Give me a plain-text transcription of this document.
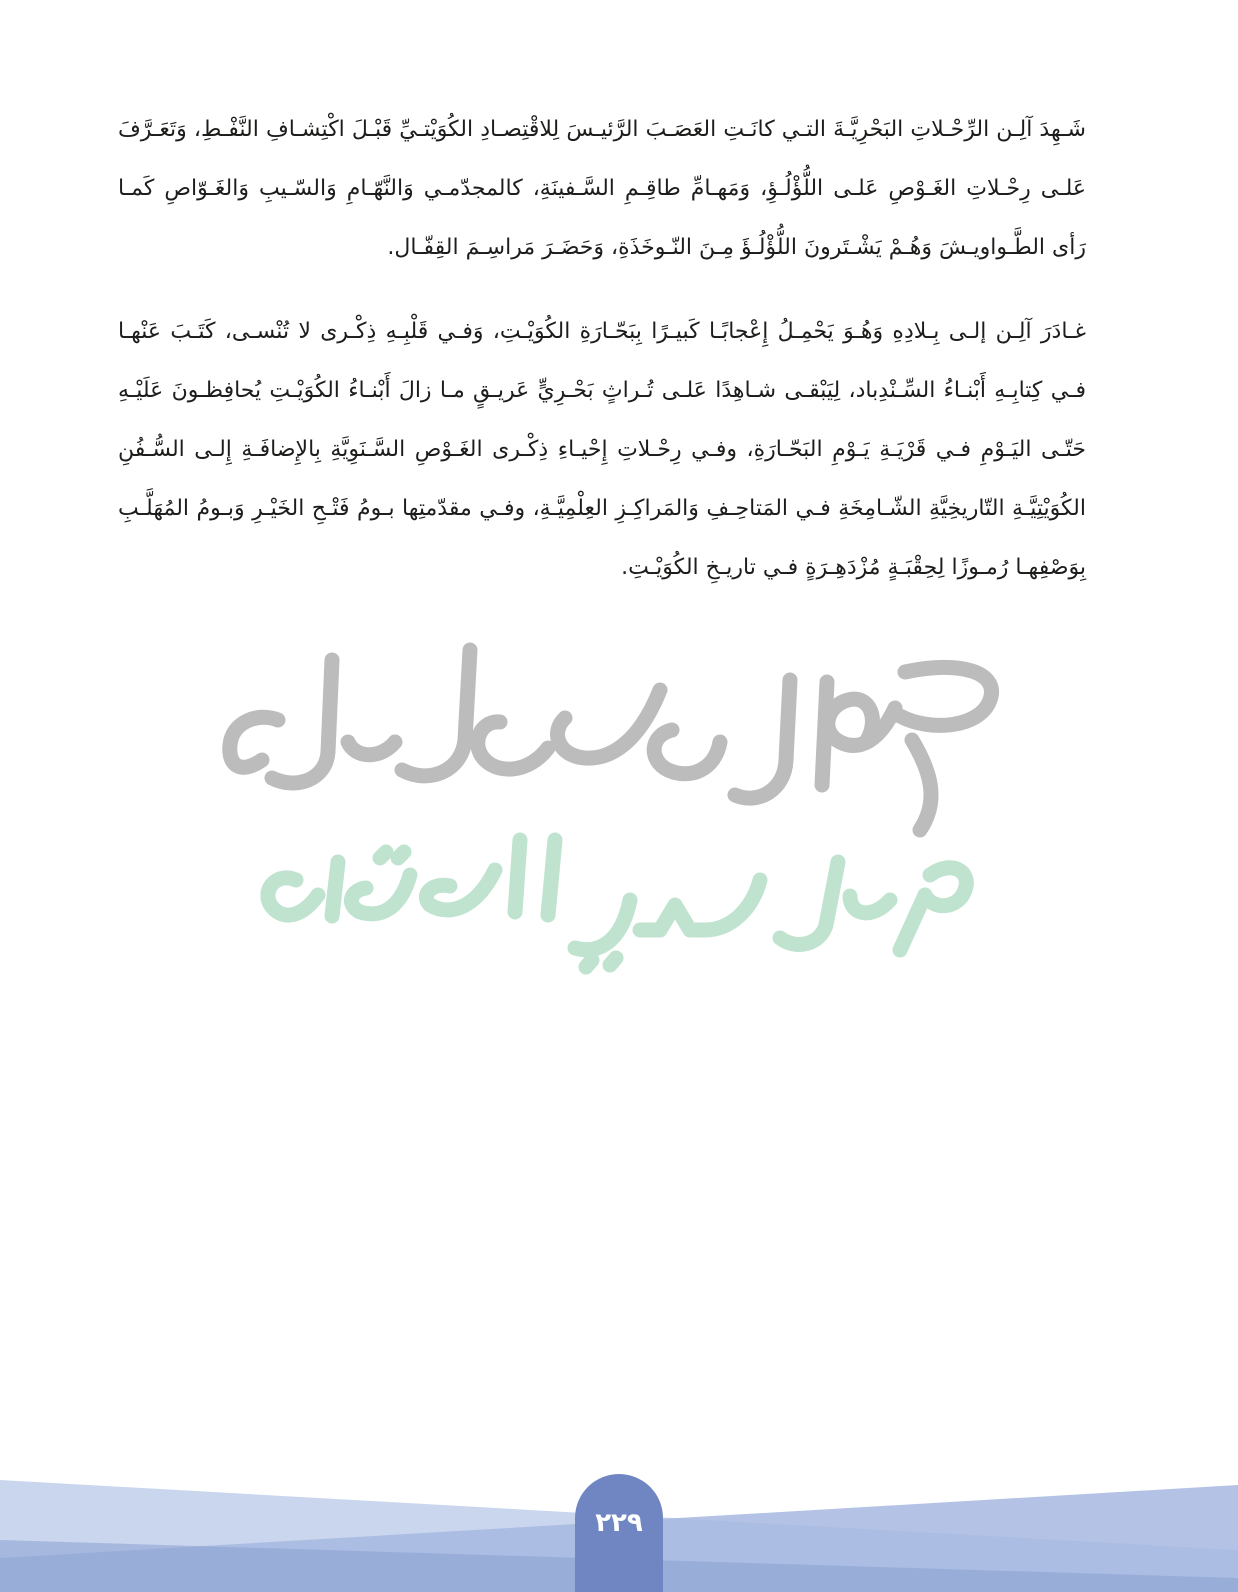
شَـهِدَ آلِـن الرِّحْـلاتِ البَحْرِيَّـةَ التـي كانَـتِ العَصَـبَ الرَّئيـسَ لِلاقْتِصـادِ الكُوَيْتـيِّ قَبْـلَ اكْتِشـافِ النَّفْـطِ، وَتَعَـرَّفَ عَلـى رِحْـلاتِ الغَـوْصِ عَلـى اللُّؤْلُـؤِ، وَمَهـامِّ طاقِـمِ السَّـفينَةِ، كالمجدّمـي وَالنَّهّـامِ وَالسّـيبِ وَالغَـوّاصِ كَمـا رَأى الطَّـواويـشَ وَهُـمْ يَشْـتَرونَ اللُّؤْلُـؤَ مِـنَ النّـوخَذَةِ، وَحَضَـرَ مَراسِـمَ القِفّـال.
غـادَرَ آلِـن إلـى بِـلادِهِ وَهُـوَ يَحْمِـلُ إِعْجابًـا كَبيـرًا بِبَحّـارَةِ الكُوَيْـتِ، وَفـي قَلْبِـهِ ذِكْـرى لا تُنْسـى، كَتَـبَ عَنْهـا فـي كِتابِـهِ أَبْنـاءُ السِّـنْدِباد، لِيَبْقـى شـاهِدًا عَلـى تُـراثٍ بَحْـرِيٍّ عَريـقٍ مـا زالَ أَبْنـاءُ الكُوَيْـتِ يُحافِظـونَ عَلَيْـهِ حَتّـى اليَـوْمِ فـي قَرْيَـةِ يَـوْمِ البَحّـارَةِ، وفـي رِحْـلاتِ إِحْيـاءِ ذِكْـرى الغَـوْصِ السَّـنَوِيَّةِ بِالإِضافَـةِ إِلـى السُّـفُنِ الكُوَيْتِيَّـةِ التّاريخِيَّةِ الشّـامِخَةِ فـي المَتاحِـفِ وَالمَراكِـزِ العِلْمِيَّـةِ، وفـي مقدّمتِها بـومُ فَتْـحِ الخَيْـرِ وَبـومُ المُهَلَّـبِ بِوَصْفِهـا رُمـوزًا لِحِقْبَـةٍ مُزْدَهِـرَةٍ فـي تاريـخِ الكُوَيْـتِ.
٢٢٩
